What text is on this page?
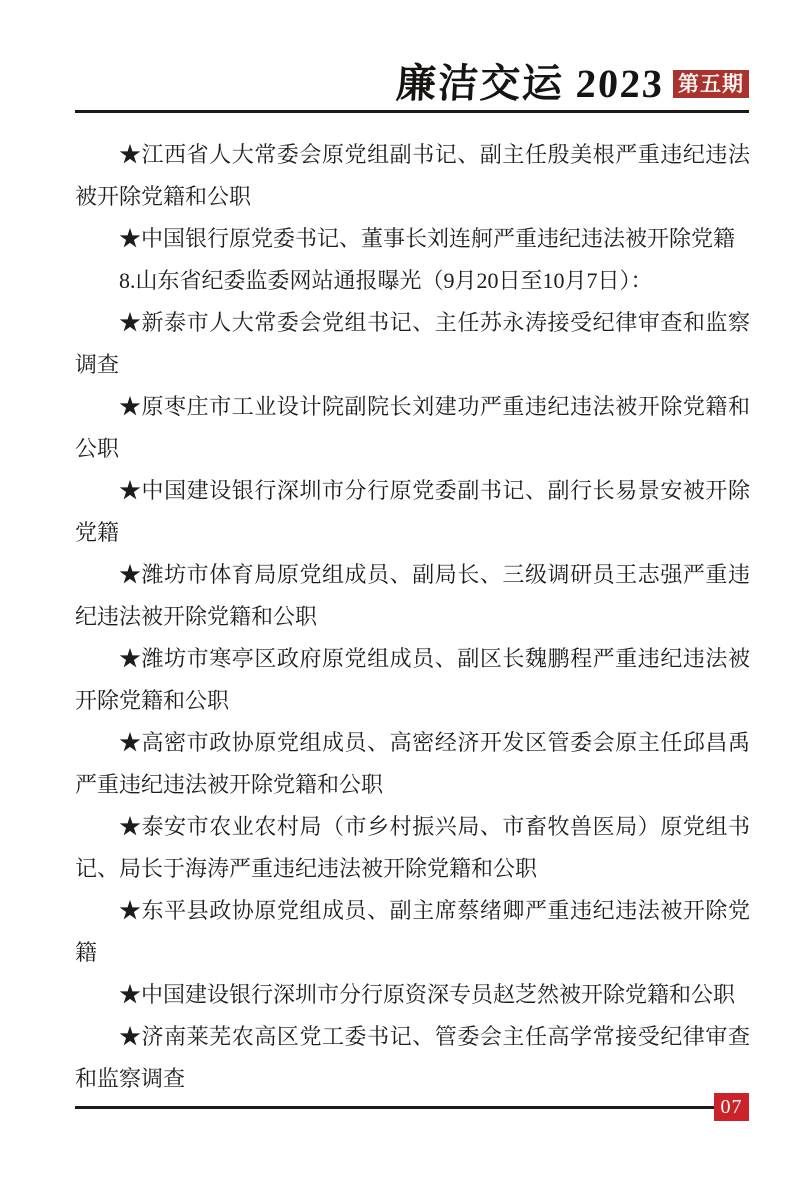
廉洁交运 2023 第五期

★江西省人大常委会原党组副书记、副主任殷美根严重违纪违法被开除党籍和公职

★中国银行原党委书记、董事长刘连舸严重违纪违法被开除党籍

8.山东省纪委监委网站通报曝光（9月20日至10月7日）：

★新泰市人大常委会党组书记、主任苏永涛接受纪律审查和监察调查

★原枣庄市工业设计院副院长刘建功严重违纪违法被开除党籍和公职

★中国建设银行深圳市分行原党委副书记、副行长易景安被开除党籍

★潍坊市体育局原党组成员、副局长、三级调研员王志强严重违纪违法被开除党籍和公职

★潍坊市寒亭区政府原党组成员、副区长魏鹏程严重违纪违法被开除党籍和公职

★高密市政协原党组成员、高密经济开发区管委会原主任邱昌禹严重违纪违法被开除党籍和公职

★泰安市农业农村局（市乡村振兴局、市畜牧兽医局）原党组书记、局长于海涛严重违纪违法被开除党籍和公职

★东平县政协原党组成员、副主席蔡绪卿严重违纪违法被开除党籍

★中国建设银行深圳市分行原资深专员赵芝然被开除党籍和公职

★济南莱芜农高区党工委书记、管委会主任高学常接受纪律审查和监察调查

07
